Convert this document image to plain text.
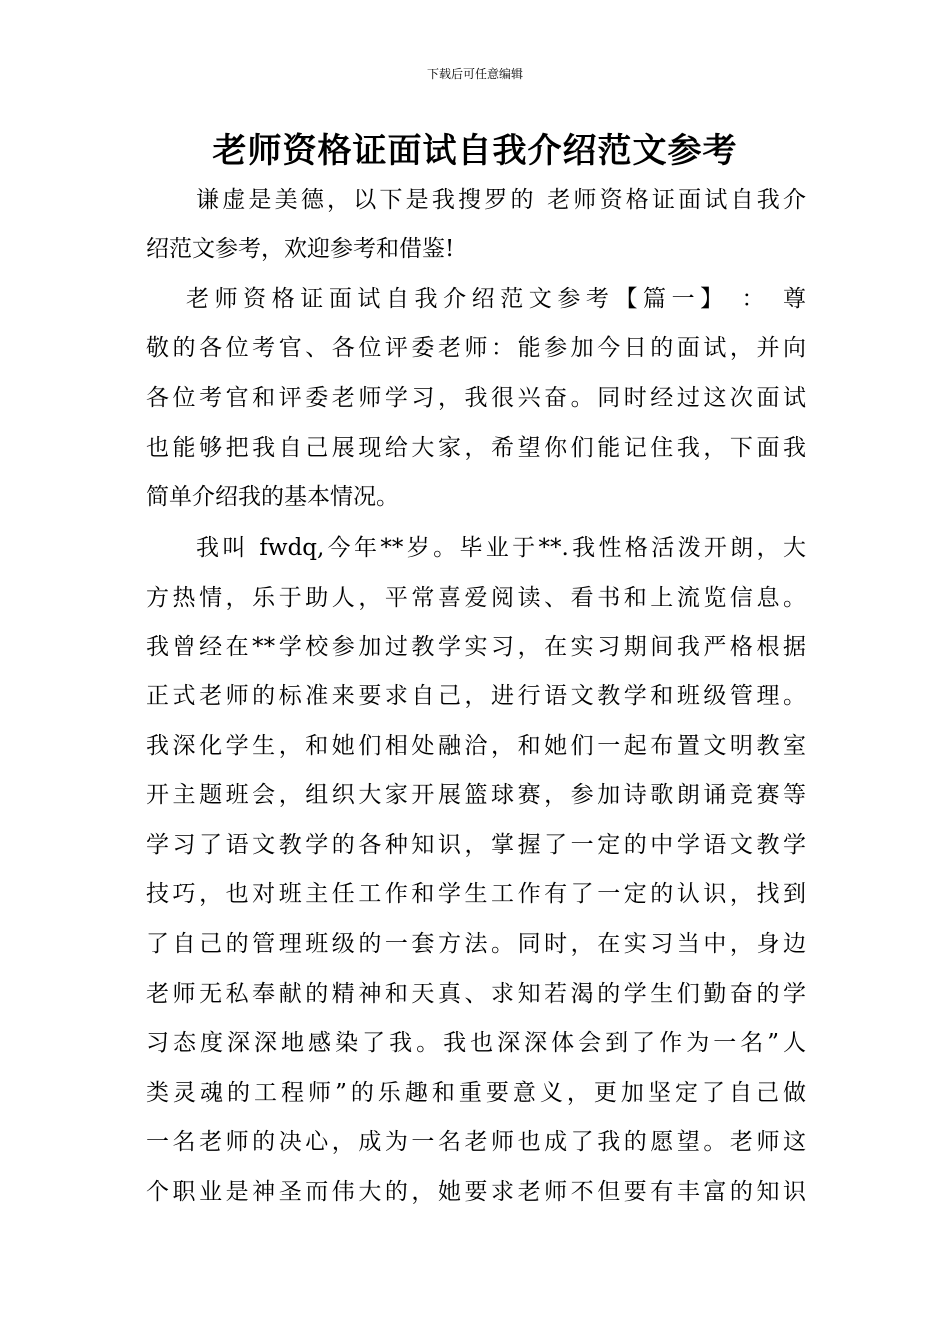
下载后可任意编辑
老师资格证面试自我介绍范文参考
谦虚是美德，以下是我搜罗的 老师资格证面试自我介
绍范文参考，欢迎参考和借鉴!
老师资格证面试自我介绍范文参考【篇一】 ： 尊
敬的各位考官、各位评委老师：能参加今日的面试，并向
各位考官和评委老师学习，我很兴奋。同时经过这次面试
也能够把我自己展现给大家，希望你们能记住我，下面我
简单介绍我的基本情况。
我叫 fwdq,今年**岁。毕业于**.我性格活泼开朗，大
方热情，乐于助人，平常喜爱阅读、看书和上流览信息。
我曾经在**学校参加过教学实习，在实习期间我严格根据
正式老师的标准来要求自己，进行语文教学和班级管理。
我深化学生，和她们相处融洽，和她们一起布置文明教室
开主题班会，组织大家开展篮球赛，参加诗歌朗诵竞赛等
学习了语文教学的各种知识，掌握了一定的中学语文教学
技巧，也对班主任工作和学生工作有了一定的认识，找到
了自己的管理班级的一套方法。同时，在实习当中，身边
老师无私奉献的精神和天真、求知若渴的学生们勤奋的学
习态度深深地感染了我。我也深深体会到了作为一名”人
类灵魂的工程师”的乐趣和重要意义，更加坚定了自己做
一名老师的决心，成为一名老师也成了我的愿望。老师这
个职业是神圣而伟大的，她要求老师不但要有丰富的知识
